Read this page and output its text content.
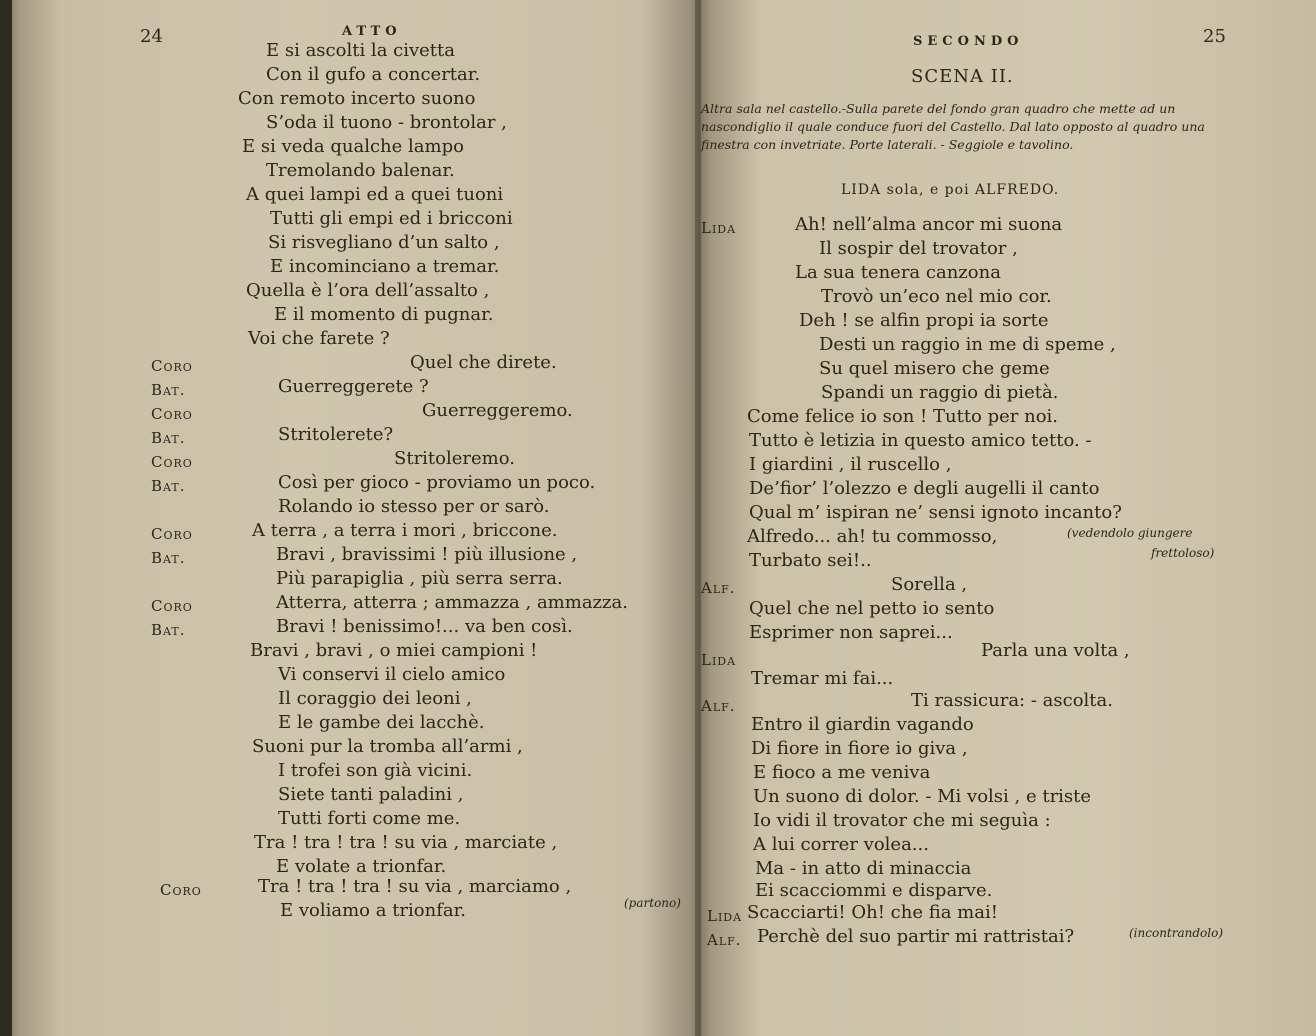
24	ATTO
E si ascolti la civetta
Con il gufo a concertar.
Con remoto incerto suono
S’oda il tuono - brontolar ,
E si veda qualche lampo
Tremolando balenar.
A quei lampi ed a quei tuoni
Tutti gli empi ed i bricconi
Si risvegliano d’un salto ,
E incominciano a tremar.
Quella è l’ora dell’assalto ,
E il momento di pugnar.
Voi che farete ?
Coro	Quel che direte.
Bat.	Guerreggerete ?
Coro	Guerreggeremo.
Bat.	Stritolerete?
Coro	Stritoleremo.
Bat.	Così per gioco - proviamo un poco.
Rolando io stesso per or sarò.
Coro	A terra , a terra i mori , briccone.
Bat.	Bravi , bravissimi ! più illusione ,
Più parapiglia , più serra serra.
Coro	Atterra, atterra ; ammazza , ammazza.
Bat.	Bravi ! benissimo!... va ben così.
Bravi , bravi , o miei campioni !
Vi conservi il cielo amico
Il coraggio dei leoni ,
E le gambe dei lacchè.
Suoni pur la tromba all’armi ,
I trofei son già vicini.
Siete tanti paladini ,
Tutti forti come me.
Tra ! tra ! tra ! su via , marciate ,
E volate a trionfar.
Coro	Tra ! tra ! tra ! su via , marciamo ,
E voliamo a trionfar.	(partono)
SECONDO	25
SCENA II.
Altra sala nel castello.-Sulla parete del fondo gran quadro che mette ad un nascondiglio il quale conduce fuori del Castello. Dal lato opposto al quadro una finestra con invetriate. Porte laterali. - Seggiole e tavolino.
LIDA sola, e poi ALFREDO.
Lida	Ah! nell’alma ancor mi suona
Il sospir del trovator ,
La sua tenera canzona
Trovò un’eco nel mio cor.
Deh ! se alfin propi ia sorte
Desti un raggio in me di speme ,
Su quel misero che geme
Spandi un raggio di pietà.
Come felice io son ! Tutto per noi.
Tutto è letizia in questo amico tetto. -
I giardini , il ruscello ,
De’fior’ l’olezzo e degli augelli il canto
Qual m’ ispiran ne’ sensi ignoto incanto?
Alfredo... ah! tu commosso,	(vedendolo giungere
Turbato sei!..	frettoloso)
Alf.	Sorella ,
Quel che nel petto io sento
Esprimer non saprei...
Lida	Parla una volta ,
Tremar mi fai...
Alf.	Ti rassicura: - ascolta.
Entro il giardin vagando
Di fiore in fiore io giva ,
E fioco a me veniva
Un suono di dolor. - Mi volsi , e triste
Io vidi il trovator che mi seguìa :
A lui correr volea...
Ma - in atto di minaccia
Ei scacciommi e disparve.
Lida Scacciarti! Oh! che fia mai!
Alf. Perchè del suo partir mi rattristai?	(incontrandolo)
